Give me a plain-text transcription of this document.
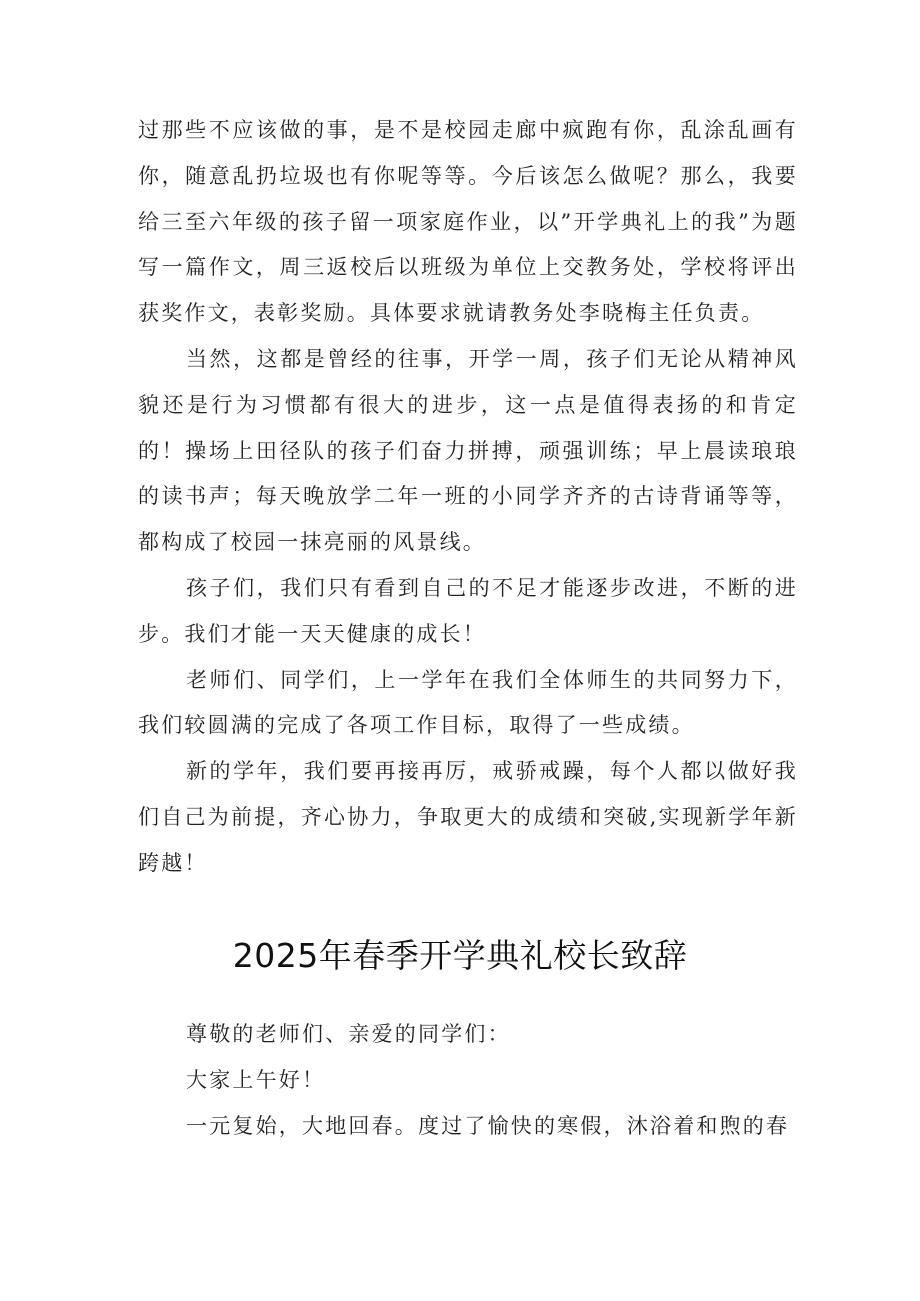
过那些不应该做的事，是不是校园走廊中疯跑有你，乱涂乱画有你，随意乱扔垃圾也有你呢等等。今后该怎么做呢？那么，我要给三至六年级的孩子留一项家庭作业，以”开学典礼上的我”为题写一篇作文，周三返校后以班级为单位上交教务处，学校将评出获奖作文，表彰奖励。具体要求就请教务处李晓梅主任负责。

当然，这都是曾经的往事，开学一周，孩子们无论从精神风貌还是行为习惯都有很大的进步，这一点是值得表扬的和肯定的！操场上田径队的孩子们奋力拼搏，顽强训练；早上晨读琅琅的读书声；每天晚放学二年一班的小同学齐齐的古诗背诵等等，都构成了校园一抹亮丽的风景线。

孩子们，我们只有看到自己的不足才能逐步改进，不断的进步。我们才能一天天健康的成长！

老师们、同学们，上一学年在我们全体师生的共同努力下，我们较圆满的完成了各项工作目标，取得了一些成绩。

新的学年，我们要再接再厉，戒骄戒躁，每个人都以做好我们自己为前提，齐心协力，争取更大的成绩和突破,实现新学年新跨越！

2025年春季开学典礼校长致辞

尊敬的老师们、亲爱的同学们：

大家上午好！

一元复始，大地回春。度过了愉快的寒假，沐浴着和煦的春
